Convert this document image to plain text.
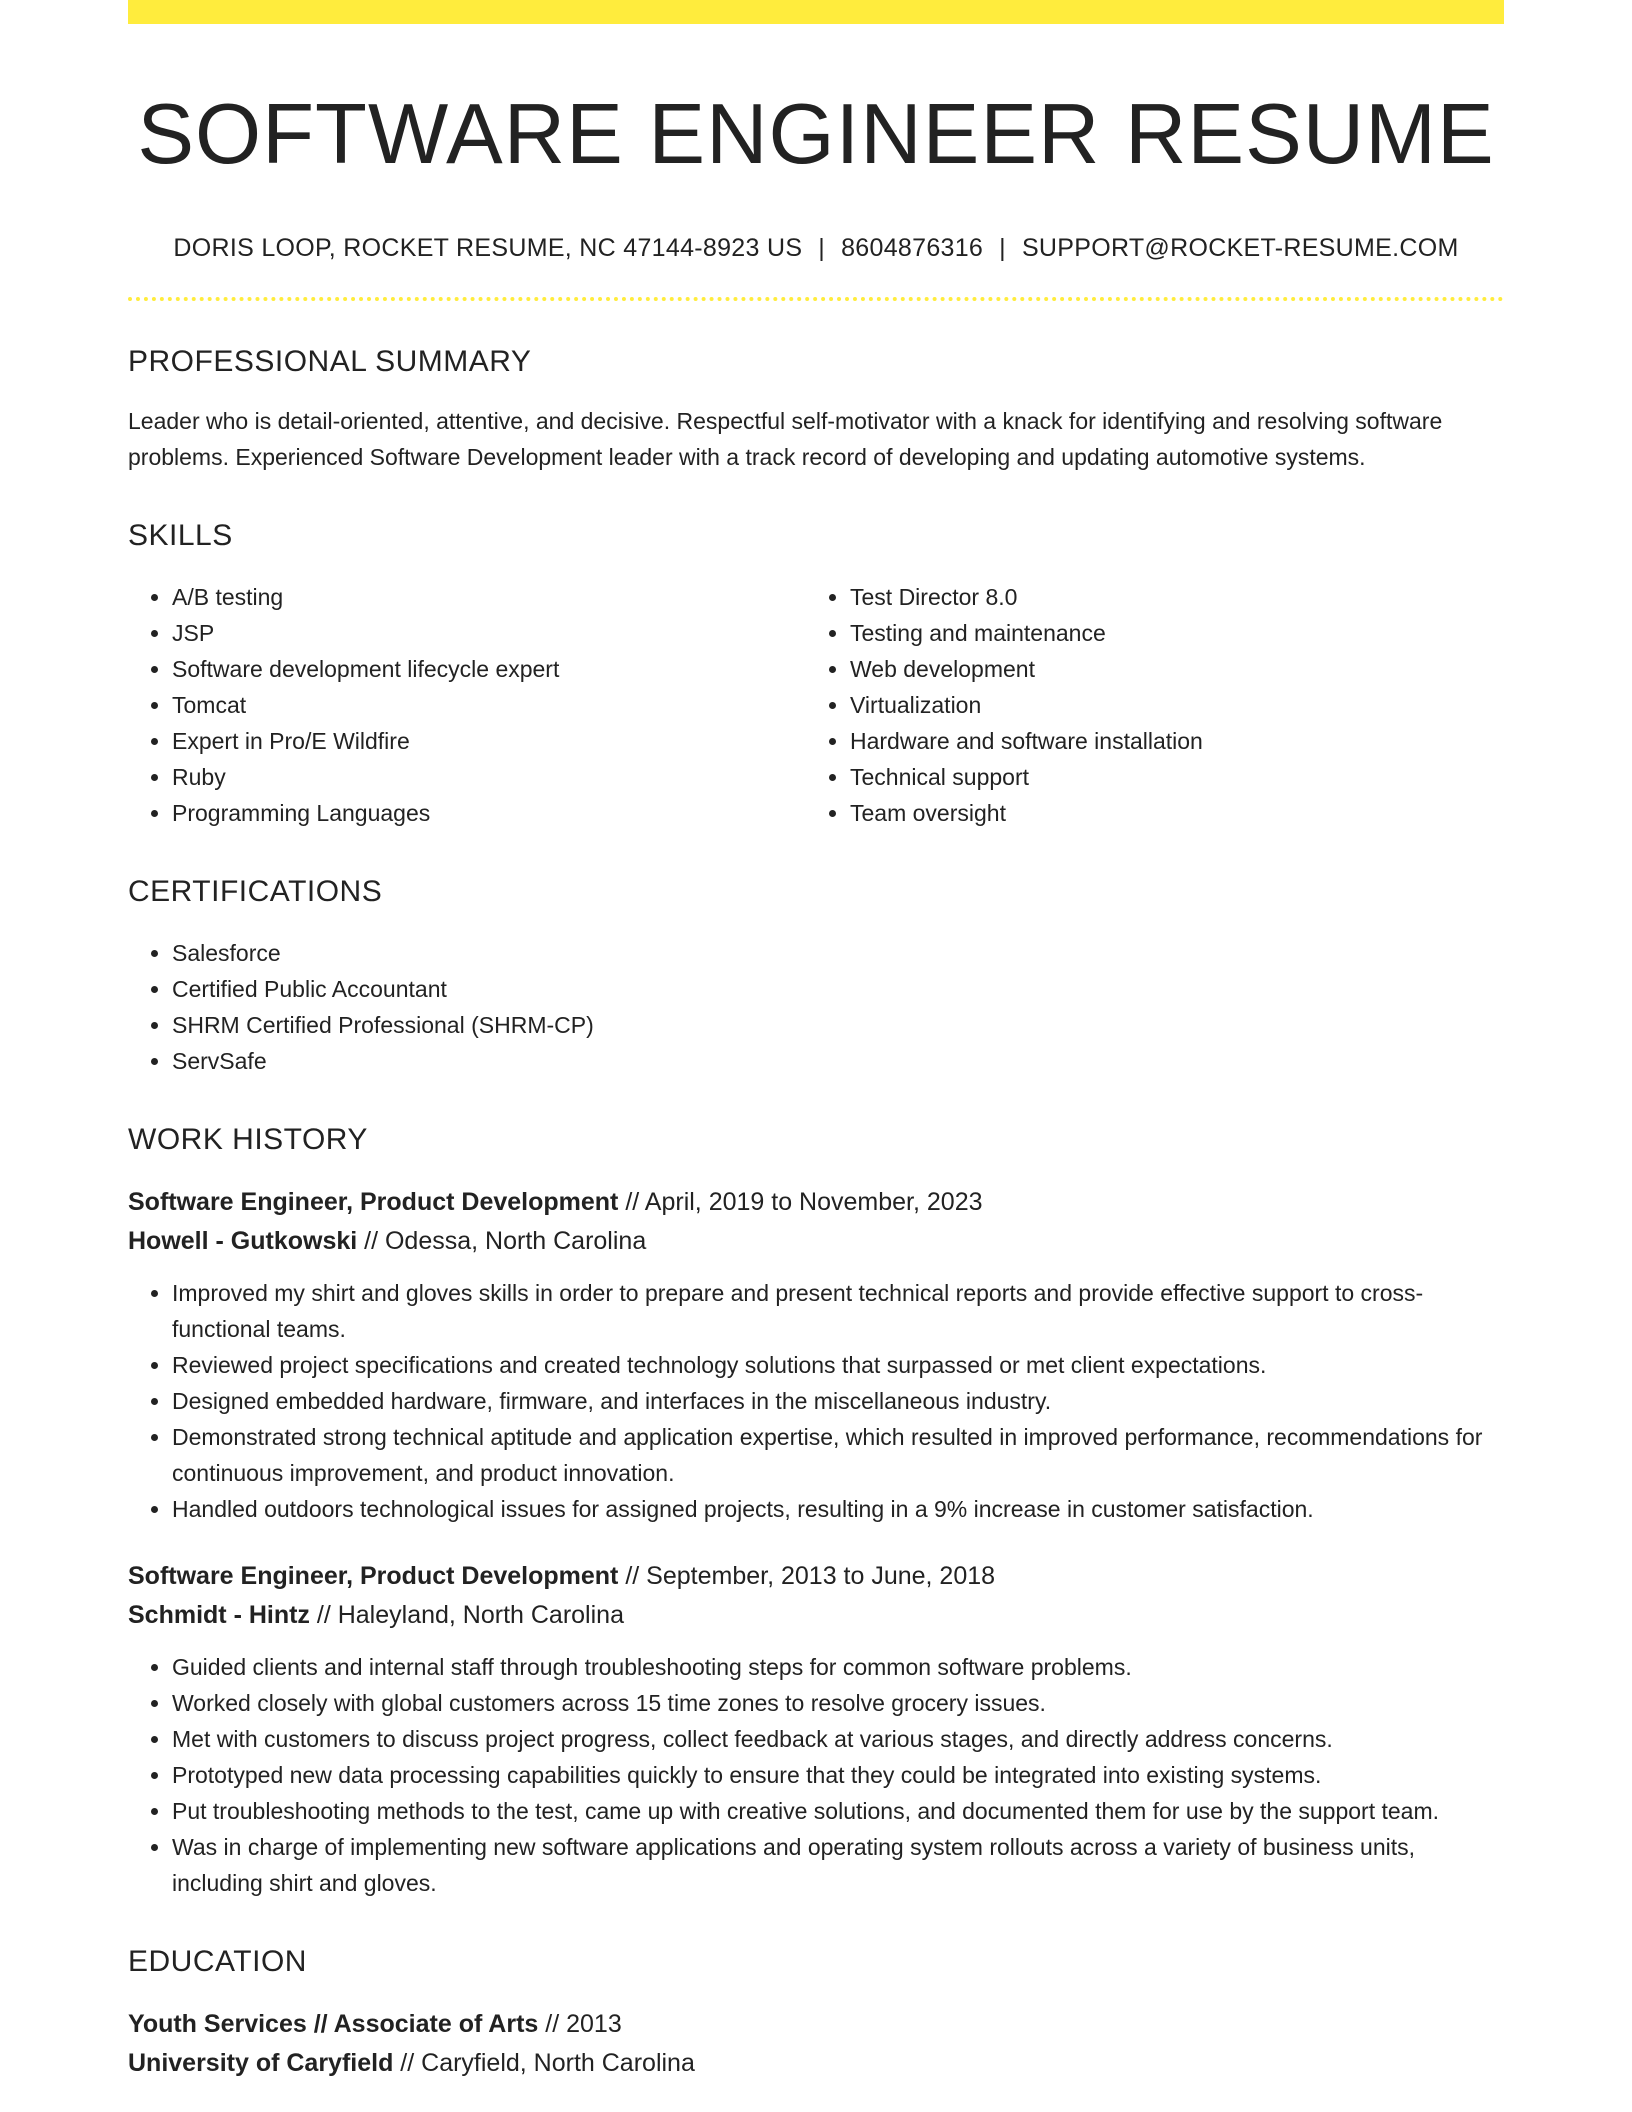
SOFTWARE ENGINEER RESUME
DORIS LOOP, ROCKET RESUME, NC 47144-8923 US | 8604876316 | SUPPORT@ROCKET-RESUME.COM
PROFESSIONAL SUMMARY

Leader who is detail-oriented, attentive, and decisive. Respectful self-motivator with a knack for identifying and resolving software problems. Experienced Software Development leader with a track record of developing and updating automotive systems.

SKILLS
• A/B testing
• JSP
• Software development lifecycle expert
• Tomcat
• Expert in Pro/E Wildfire
• Ruby
• Programming Languages
• Test Director 8.0
• Testing and maintenance
• Web development
• Virtualization
• Hardware and software installation
• Technical support
• Team oversight
CERTIFICATIONS
• Salesforce
• Certified Public Accountant
• SHRM Certified Professional (SHRM-CP)
• ServSafe
WORK HISTORY
Software Engineer, Product Development // April, 2019 to November, 2023
Howell - Gutkowski // Odessa, North Carolina
• Improved my shirt and gloves skills in order to prepare and present technical reports and provide effective support to cross-functional teams.
• Reviewed project specifications and created technology solutions that surpassed or met client expectations.
• Designed embedded hardware, firmware, and interfaces in the miscellaneous industry.
• Demonstrated strong technical aptitude and application expertise, which resulted in improved performance, recommendations for continuous improvement, and product innovation.
• Handled outdoors technological issues for assigned projects, resulting in a 9% increase in customer satisfaction.
Software Engineer, Product Development // September, 2013 to June, 2018
Schmidt - Hintz // Haleyland, North Carolina
• Guided clients and internal staff through troubleshooting steps for common software problems.
• Worked closely with global customers across 15 time zones to resolve grocery issues.
• Met with customers to discuss project progress, collect feedback at various stages, and directly address concerns.
• Prototyped new data processing capabilities quickly to ensure that they could be integrated into existing systems.
• Put troubleshooting methods to the test, came up with creative solutions, and documented them for use by the support team.
• Was in charge of implementing new software applications and operating system rollouts across a variety of business units, including shirt and gloves.
EDUCATION
Youth Services // Associate of Arts // 2013
University of Caryfield // Caryfield, North Carolina
